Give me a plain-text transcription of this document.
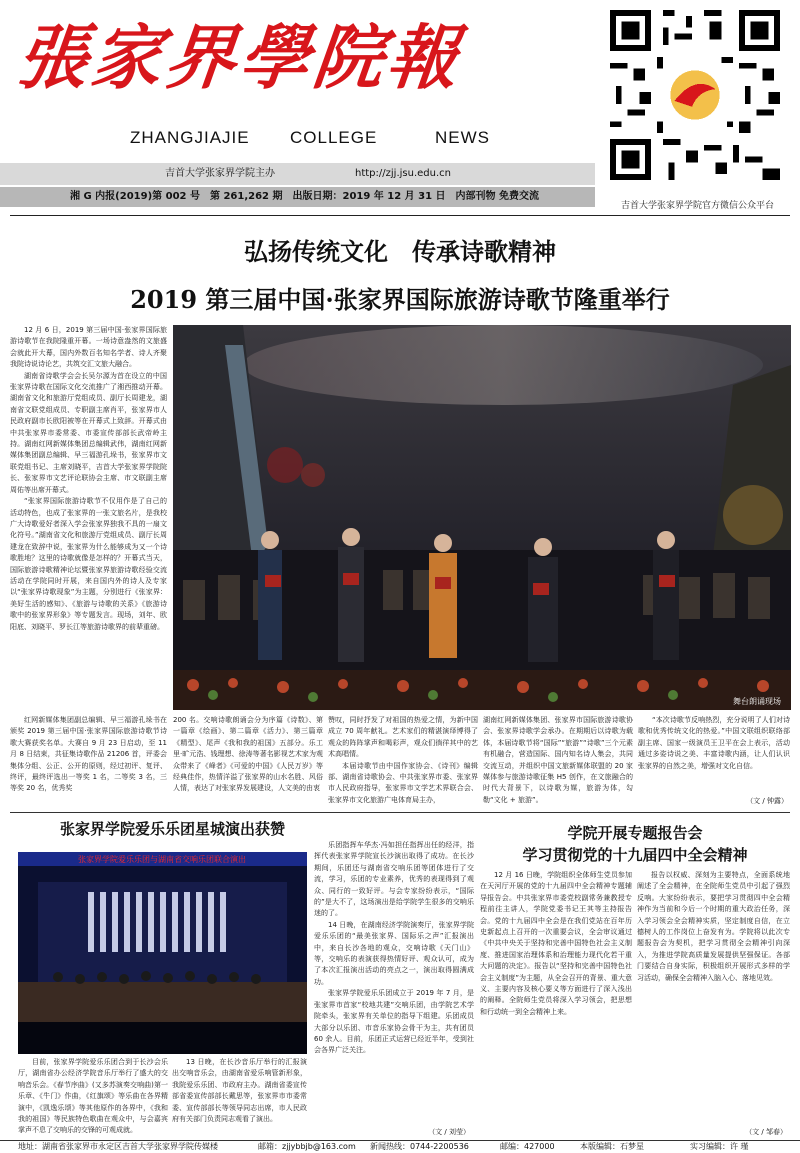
張家界學院報
ZHANGJIAJIE COLLEGE	NEWS
吉首大学张家界学院主办	http://zjj.jsu.edu.cn
湘 G 内报(2019)第 002 号　第 261,262 期　出版日期：2019 年 12 月 31 日　内部刊物 免费交流
吉首大学张家界学院官方微信公众平台
弘扬传统文化　传承诗歌精神
2019 第三届中国·张家界国际旅游诗歌节隆重举行

12 月 6 日，2019 第三届中国·张家界国际旅游诗歌节在我院隆重开幕。一场诗意盎然的文旅盛会就此开大幕，国内外数百名知名学者、诗人齐聚我院诗说诗论艺，共筑交汇文旅大融合。

湖南省诗歌学会会长吴尔源为首在设立的中国张家界诗歌在国际文化交流推广了湘西推动开幕。湖南省文化和旅游厅党组成员、副厅长周建龙，湖南省文联党组成员、专职副主席肖平，张家界市人民政府副市长欧阳被等在开幕式上致辞。开幕式由中共张家界市委常委、市委宣传部部长武帝岭主持。湖南红网新媒体集团总编辑武伟，湖南红网新媒体集团副总编辑、早三福游孔垛书，张家界市文联党组书记、主席刘晓平，吉首大学张家界学院院长、张家界市文艺评论联协会主席、市文联副主席周佑等出席开幕式。

“张家界国际旅游诗歌节不仅用作是了自己的活动特色，也成了张家界的一张文旅名片，是我校广大诗歌爱好者深入学会张家界独我不具的一扇文化符号。”湖南省文化和旅游厅党组成员、副厅长周建龙在致辞中说，张家界为什么能够成为又一个诗歌胜地？这里的诗歌就像是怎样的？开幕式当天，国际旅游诗歌精神论坛暨张家界旅游诗歌经验交流活动在学院同时开展，来自国内外的诗人及专家以“张家界诗歌现象”为主题，分别进行《张家界：美好生活的感知》、《旅游与诗歌的关系》《旅游诗歌中的张家界形象》等专题发言。现场，刘年、欧阳底、刘晓平、罗长江等旅游诗歌界的前辈重磅。

红网新媒体集团副总编辑、早三福游孔垛书在颁奖 2019 第三届中国·张家界国际旅游诗歌节诗歌大赛获奖名单。大赛自 9 月 23 日启动，至 11 月 8 日结束，共征集诗歌作品 21206 首，评委会集体分组、公正、公开的原则，经过初评、复评、终评，最终评选出一等奖 1 名，二等奖 3 名，三等奖 20 名，优秀奖

舞台朗诵现场

200 名。交响诗歌朗诵会分为序篇《诗数》、第一篇章《绘画》、第二篇章《活力》、第三篇章《精型》、尾声《我和我的祖国》五部分。乐工里·旷元浩、钱理想、徐涛等著名影视艺术家为观众带来了《峰者》《可爱的中国》《人民万岁》等经典佳作，热情洋溢了张家界的山水名胜、风俗人情，表达了对张家界发展建设，人文美的由衷

赞叹，同时抒发了对祖国的热爱之情，为新中国成立 70 周年献礼。艺术家们的精湛演绎博得了观众的阵阵掌声和喝彩声，观众们徜徉其中的艺术高唱情。

本届诗歌节由中国作家协会、《诗刊》编辑部、湖南省诗歌协会、中共张家界市委、张家界市人民政府指导，张家界市文学艺术界联合会、张家界市文化旅游广电体育局主办，

湖南红网新媒体集团、张家界市国际旅游诗歌协会、张家界诗歌学会承办。在期期后以诗歌为载体，本届诗歌节将“国际”“旅游”“诗歌”三个元素有机融合，营造国际、国内知名诗人集会，共同交流互动，并组织中国文旅新媒体联盟的 20 家媒体参与旅游诗歌征集 H5 创作，在文旅融合的时代大背景下，以诗歌为媒，旅游为体，勾勒“文化 + 旅游”。

“本次诗歌节反响热烈，充分说明了人们对诗歌和优秀传统文化的热爱。”中国文联组织联络部副主席、国家一级演员王卫平在会上表示，活动通过多姿诗说之美、丰富诗歌内涵，让人们认识张家界的自然之美，增强对文化自信。

（文 / 钟露）
张家界学院爱乐乐团星城演出获赞
张家界学院爱乐乐团与湖南省交响乐团联合演出

目前，张家界学院爱乐乐团合到于长沙会乐厅，湖南省办公经济学院音乐厅举行了盛大的交响音乐会。《春节序曲》(又多苏演奏交响曲)第一乐章、《牛门》作曲，《红旗颂》等乐曲在各界精演中，《凯逸乐颂》等其他原作的各界中，《我和我的祖国》等民族特色歌曲在观众中，与会嘉宾掌声不息了交响乐的交锋的可观成就。

13 日晚，在长沙音乐厅举行的汇报演出交响音乐会，由湖南省爱乐响管新形象，我院爱乐乐团、市政府主办。湖南省委宣传部省委宣传部部长戴思等，张家界市市委常委、宣传部部长等领导同志出席，市人民政府有关部门负责同志观看了演出。

乐团指挥车华杰·冯如担任指挥出任的经洋，指挥代表张家界学院宣长沙演出取得了成功。在长沙期间，乐团还与湖南省交响乐团等团体进行了交流，学习，乐团的专业素养，优秀的表现得到了观众、同行的一致好评。与会专家纷纷表示，“国际的”是大不了，这场演出是给学院学生很多的交响乐迷的了。

14 日晚，在湖南经济学院演奏厅，张家界学院爱乐乐团的“最美张家界、国际乐之声”汇报演出中，来自长沙各地的观众，交响诗歌《天门山》等，交响乐的表演获得热情好评、观众认可，成为了本次汇报演出活动的亮点之一，演出取得圆满成功。

张家界学院爱乐乐团成立于 2019 年 7 月，是张家界市首家“校地共建”交响乐团，由学院艺术学院牵头，张家界有关单位的指导下组建。乐团成员大部分以乐团、市音乐家协会骨干为主，共有团员 60 余人。目前，乐团正式运营已经近半年，受到社会各界广泛关注。

（文 / 刘莹）
学院开展专题报告会
学习贯彻党的十九届四中全会精神

12 月 16 日晚，学院组织全体师生党员参加在天河厅开展的党的十九届四中全会精神专题辅导报告会。中共张家界市委党校副常务兼教授专程前往主讲人，学院党委书记王其等主持报告会。党的十九届四中全会是在我们党站在百年历史新起点上召开的一次重要会议，全会审议通过《中共中央关于坚持和完善中国特色社会主义制度、推进国家治理体系和治理能力现代化若干重大问题的决定》。报告以“坚持和完善中国特色社会主义制度”为主题，从全会召开的背景、重大意义、主要内容及核心要义等方面进行了深入浅出的阐释。全院师生党员将深入学习领会，把思想和行动统一到全会精神上来。

报告以权威、深刻为主要特点，全面系统地阐述了全会精神，在全院师生党员中引起了强烈反响。大家纷纷表示，要把学习贯彻四中全会精神作为当前和今后一个时期的重大政治任务，深入学习领会全会精神实质，坚定制度自信，在立德树人的工作岗位上奋发有为。学院将以此次专题报告会为契机，把学习贯彻全会精神引向深入，为推进学院高质量发展提供坚强保证。各部门要结合自身实际，积极组织开展形式多样的学习活动，确保全会精神入脑入心、落地见效。

（文 / 邹春）
地址：湖南省张家界市永定区吉首大学张家界学院传媒楼	邮箱：zjjybbjb@163.com 新闻热线：0744-2200536	邮编：427000	本版编辑：石梦星	实习编辑：许 瑾
